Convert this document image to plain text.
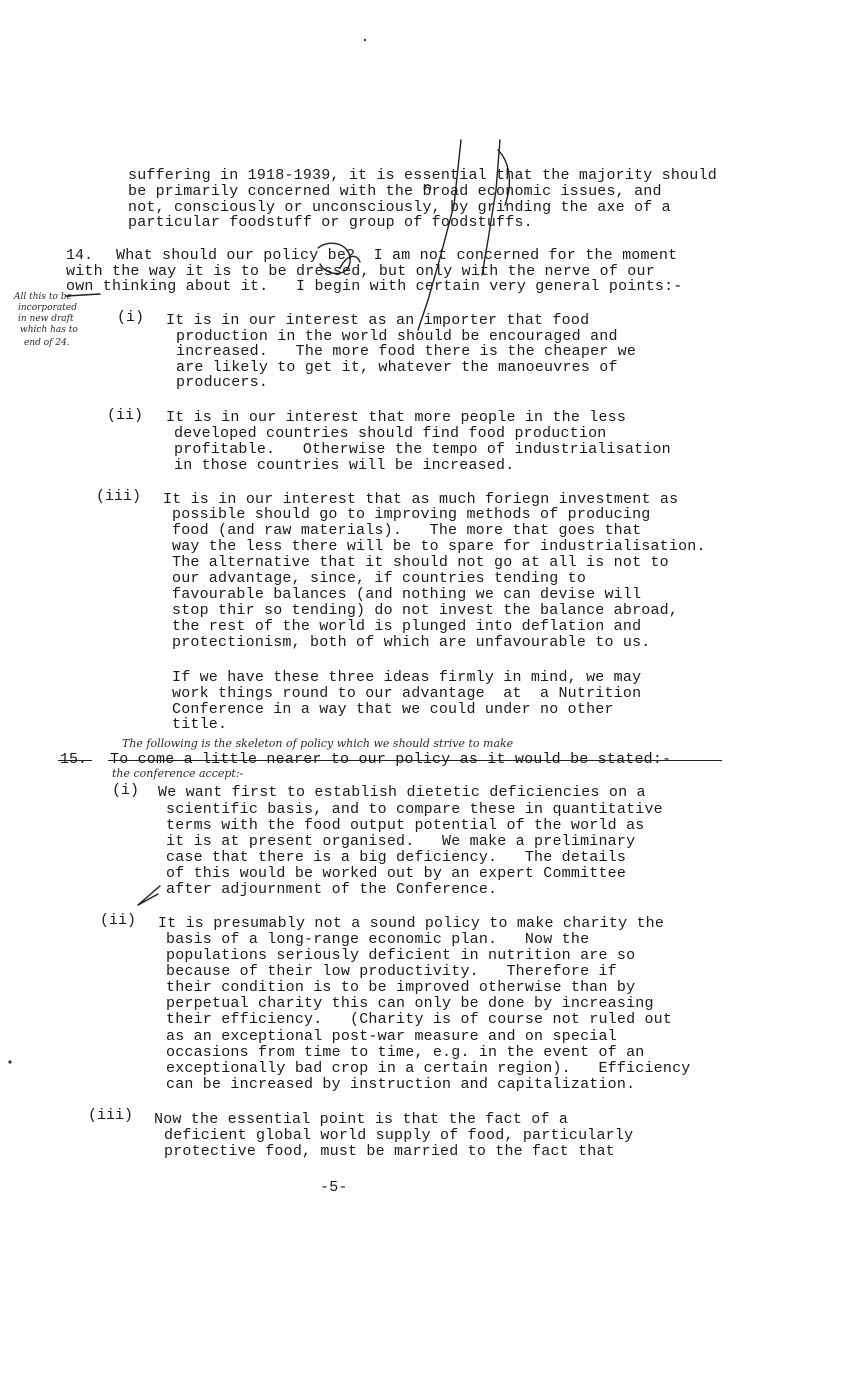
suffering in 1918-1939, it is essential that the majority should
be primarily concerned with the broad economic issues, and
not, consciously or unconsciously, by grinding the axe of a
particular foodstuff or group of foodstuffs.
14. What should our policy be?  I am not concerned for the moment
with the way it is to be dressed, but only with the nerve of our
own thinking about it.   I begin with certain very general points:-
All this to be
incorporated
in new draft
which has to
end of 24.
(i) It is in our interest as an importer that food
production in the world should be encouraged and
increased.   The more food there is the cheaper we
are likely to get it, whatever the manoeuvres of
producers.
(ii) It is in our interest that more people in the less
developed countries should find food production
profitable.   Otherwise the tempo of industrialisation
in those countries will be increased.
(iii) It is in our interest that as much foriegn investment as
possible should go to improving methods of producing
food (and raw materials).   The more that goes that
way the less there will be to spare for industrialisation.
The alternative that it should not go at all is not to
our advantage, since, if countries tending to
favourable balances (and nothing we can devise will
stop thir so tending) do not invest the balance abroad,
the rest of the world is plunged into deflation and
protectionism, both of which are unfavourable to us.
If we have these three ideas firmly in mind, we may
work things round to our advantage  at  a Nutrition
Conference in a way that we could under no other
title.
The following is the skeleton of policy which we should strive to make
15. To come a little nearer to our policy as it would be stated:-
the conference accept:-
(i) We want first to establish dietetic deficiencies on a
scientific basis, and to compare these in quantitative
terms with the food output potential of the world as
it is at present organised.   We make a preliminary
case that there is a big deficiency.   The details
of this would be worked out by an expert Committee
after adjournment of the Conference.
(ii) It is presumably not a sound policy to make charity the
basis of a long-range economic plan.   Now the
populations seriously deficient in nutrition are so
because of their low productivity.   Therefore if
their condition is to be improved otherwise than by
perpetual charity this can only be done by increasing
their efficiency.   (Charity is of course not ruled out
as an exceptional post-war measure and on special
occasions from time to time, e.g. in the event of an
exceptionally bad crop in a certain region).   Efficiency
can be increased by instruction and capitalization.
(iii) Now the essential point is that the fact of a
deficient global world supply of food, particularly
protective food, must be married to the fact that
-5-
